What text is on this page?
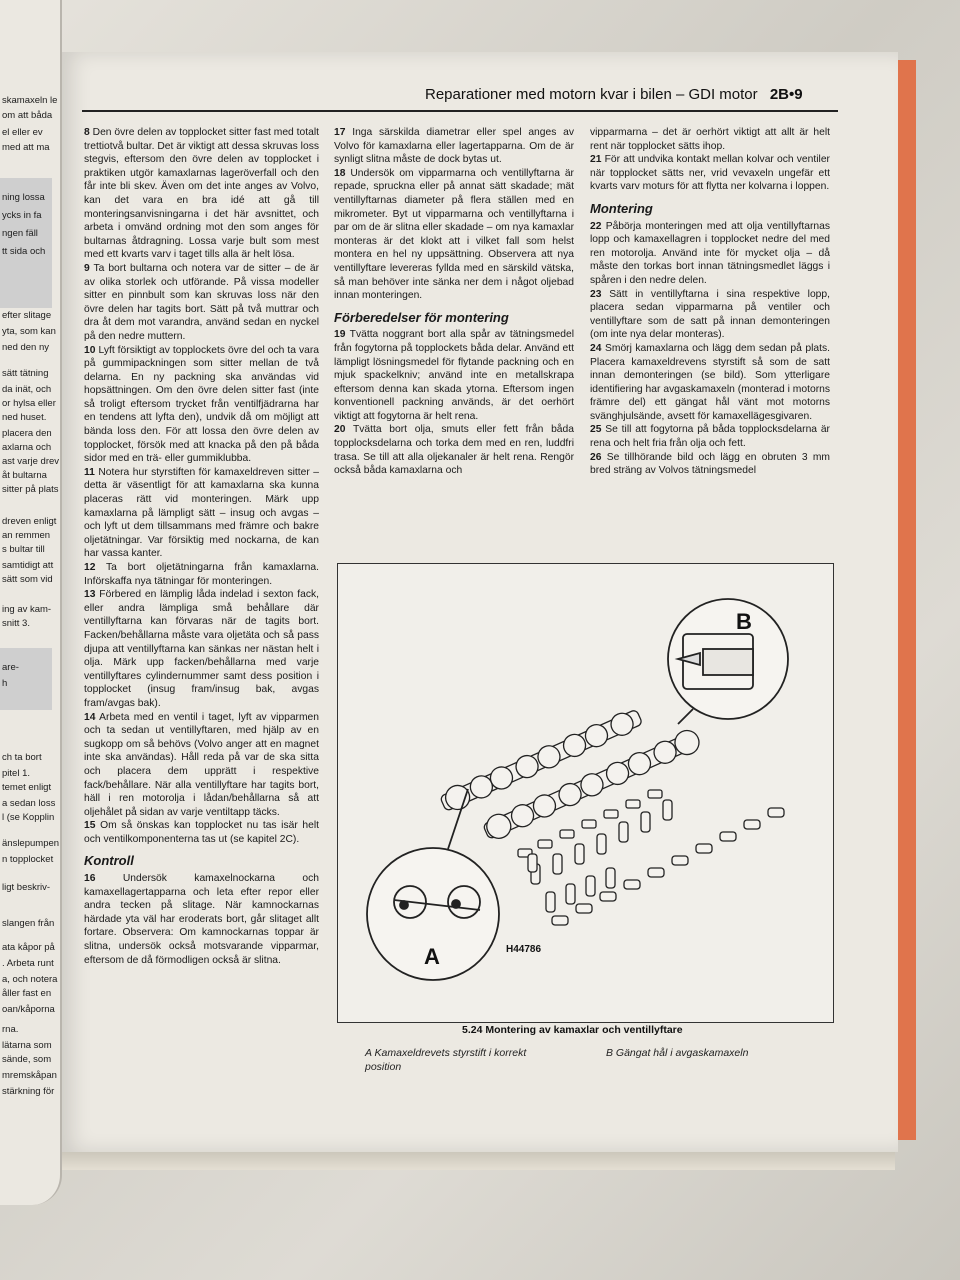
skamaxeln le
om att båda
el eller ev
med att ma
ning lossa
ycks in fa
ngen fäll
tt sida och
efter slitage
yta, som kan
ned den ny
sätt tätning
da inät, och
or hylsa eller
ned huset.
placera den
axlarna och
ast varje drev
åt bultarna
sitter på plats
dreven enligt
an remmen
s bultar till
samtidigt att
sätt som vid
ing av kam-
snitt 3.
are-
h
ch ta bort
pitel 1.
temet enligt
a sedan loss
l (se Kopplin
änslepumpen
n topplocket
ligt beskriv-
slangen från
ata kåpor på
. Arbeta runt
a, och notera
åller fast en
oan/kåporna
rna.
lätarna som
sände, som
mremskåpan
stärkning för
Reparationer med motorn kvar i bilen – GDI motor 2B•9

8 Den övre delen av topplocket sitter fast med totalt trettiotvå bultar. Det är viktigt att dessa skruvas loss stegvis, eftersom den övre delen av topplocket i praktiken utgör kamaxlarnas lageröverfall och den får inte bli skev. Även om det inte anges av Volvo, kan det vara en bra idé att gå till monteringsanvisningarna i det här avsnittet, och arbeta i omvänd ordning mot den som anges för bultarnas åtdragning. Lossa varje bult som mest med ett kvarts varv i taget tills alla är helt lösa.

9 Ta bort bultarna och notera var de sitter – de är av olika storlek och utförande. På vissa modeller sitter en pinnbult som kan skruvas loss när den övre delen har tagits bort. Sätt på två muttrar och dra åt dem mot varandra, använd sedan en nyckel på den nedre muttern.

10 Lyft försiktigt av topplockets övre del och ta vara på gummipackningen som sitter mellan de två delarna. En ny packning ska användas vid hopsättningen. Om den övre delen sitter fast (inte så troligt eftersom trycket från ventilfjädrarna har en tendens att lyfta den), undvik då om möjligt att bända loss den. För att lossa den övre delen av topplocket, försök med att knacka på den på båda sidor med en trä- eller gummiklubba.

11 Notera hur styrstiften för kamaxeldreven sitter – detta är väsentligt för att kamaxlarna ska kunna placeras rätt vid monteringen. Märk upp kamaxlarna på lämpligt sätt – insug och avgas – och lyft ut dem tillsammans med främre och bakre oljetätningar. Var försiktig med nockarna, de kan har vassa kanter.

12 Ta bort oljetätningarna från kamaxlarna. Införskaffa nya tätningar för monteringen.

13 Förbered en lämplig låda indelad i sexton fack, eller andra lämpliga små behållare där ventillyftarna kan förvaras när de tagits bort. Facken/behållarna måste vara oljetäta och så pass djupa att ventillyftarna kan sänkas ner nästan helt i olja. Märk upp facken/behållarna med varje ventillyftares cylindernummer samt dess position i topplocket (insug fram/insug bak, avgas fram/avgas bak).

14 Arbeta med en ventil i taget, lyft av vipparmen och ta sedan ut ventillyftaren, med hjälp av en sugkopp om så behövs (Volvo anger att en magnet inte ska användas). Håll reda på var de ska sitta och placera dem upprätt i respektive fack/behållare. När alla ventillyftare har tagits bort, häll i ren motorolja i lådan/behållarna så att oljehålet på sidan av varje ventiltapp täcks.

15 Om så önskas kan topplocket nu tas isär helt och ventilkomponenterna tas ut (se kapitel 2C).

Kontroll

16	Undersök kamaxelnockarna och kamaxellagertapparna och leta efter repor eller andra tecken på slitage. När kamnockarnas härdade yta väl har eroderats bort, går slitaget allt fortare. Observera: Om kamnockarnas toppar är slitna, undersök också motsvarande vipparmar, eftersom de då förmodligen också är slitna.

17 Inga särskilda diametrar eller spel anges av Volvo för kamaxlarna eller lagertapparna. Om de är synligt slitna måste de dock bytas ut.

18 Undersök om vipparmarna och ventillyftarna är repade, spruckna eller på annat sätt skadade; mät ventillyftarnas diameter på flera ställen med en mikrometer. Byt ut vipparmarna och ventillyftarna i par om de är slitna eller skadade – om nya kamaxlar monteras är det klokt att i vilket fall som helst montera en hel ny uppsättning. Observera att nya ventillyftare levereras fyllda med en särskild vätska, så man behöver inte sänka ner dem i något oljebad innan monteringen.

Förberedelser för montering

19 Tvätta noggrant bort alla spår av tätningsmedel från fogytorna på topplockets båda delar. Använd ett lämpligt lösningsmedel för flytande packning och en mjuk spackelkniv; använd inte en metallskrapa eftersom denna kan skada ytorna. Eftersom ingen konventionell packning används, är det oerhört viktigt att fogytorna är helt rena.

20 Tvätta bort olja, smuts eller fett från båda topplocksdelarna och torka dem med en ren, luddfri trasa. Se till att alla oljekanaler är helt rena. Rengör också båda kamaxlarna och

vipparmarna – det är oerhört viktigt att allt är helt rent när topplocket sätts ihop.

21 För att undvika kontakt mellan kolvar och ventiler när topplocket sätts ner, vrid vevaxeln ungefär ett kvarts varv moturs för att flytta ner kolvarna i loppen.

Montering

22 Påbörja monteringen med att olja ventillyftarnas lopp och kamaxellagren i topplocket nedre del med ren motorolja. Använd inte för mycket olja – då måste den torkas bort innan tätningsmedlet läggs i spåren i den nedre delen.

23 Sätt in ventillyftarna i sina respektive lopp, placera sedan vipparmarna på ventiler och ventillyftare som de satt på innan demonteringen (om inte nya delar monteras).

24 Smörj kamaxlarna och lägg dem sedan på plats. Placera kamaxeldrevens styrstift så som de satt innan demonteringen (se bild). Som ytterligare identifiering har avgaskamaxeln (monterad i motorns främre del) ett gängat hål vänt mot motorns svänghjulsände, avsett för kamaxellägesgivaren.

25 Se till att fogytorna på båda topplocksdelarna är rena och helt fria från olja och fett.

26 Se tillhörande bild och lägg en obruten 3 mm bred sträng av Volvos tätningsmedel

B
A	H44786
5.24 Montering av kamaxlar och ventillyftare
A Kamaxeldrevets styrstift i korrekt position
B Gängat hål i avgaskamaxeln
